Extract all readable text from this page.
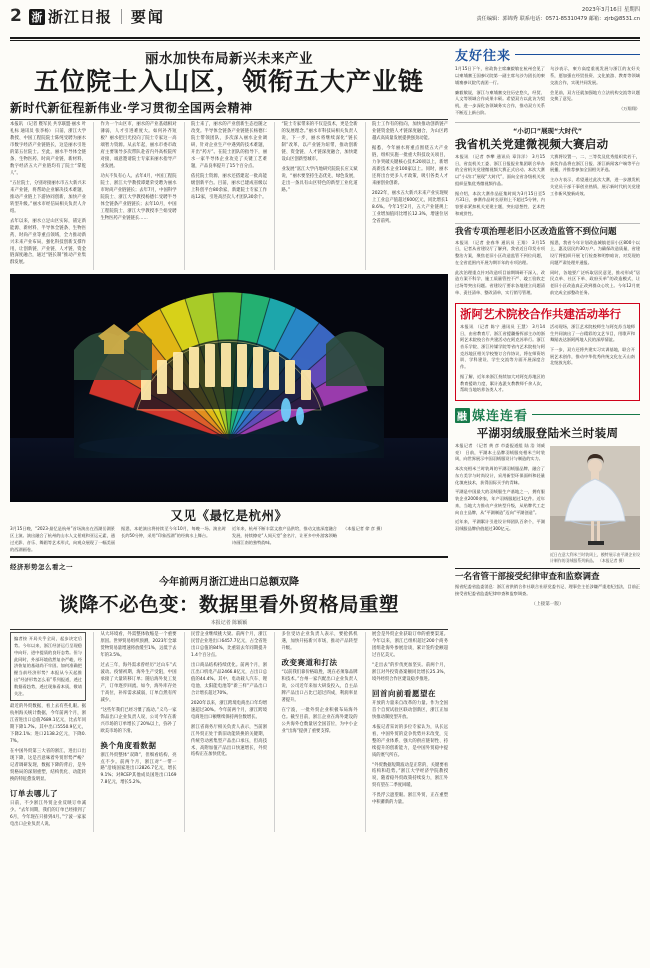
2 浙 浙江日报 要闻	2023年3月16日 星期四
责任编辑：郭锦秀 联系电话：0571-85310479 邮箱：zjrb@8531.cn
丽水加快布局新兴未来产业
五位院士入山区，领衔五大产业链
新时代新征程新伟业·学习贯彻全国两会精神

本报讯 （记者 暨军民 共享联盟·丽水 叶礼标 通讯员 张李杨） 日前，浙江大学教授、中国工程院院士陈纯受聘为丽水市数字经济产业链链长，这是丽水引进的第五位院士。至此，丽水半导体全链条、生物医药、时尚产业链、新材料、数字经济五大产业链均有了院士“掌舵人”。

“五位院士，分别对接丽水市五大新兴未来产业链，将帮助企业解决技术难题，推动产业链上下游协同创新，加快产业转型升级。”丽水市经信局相关负责人介绍。

去年以来，丽水立足山区实际，锚定新能源、新材料、半导体全链条、生物医药、时尚产业等重点领域，全力推动新兴未来产业布局，强化科技创新支撑作用，让创新链、产业链、人才链、资金链深度融合，通过“链长制”推动产业集群发展。

作为一个山区市，丽水的产业基础相对薄弱，人才引进难度大。如何补齐短板？丽水把目光投向了院士专家这一高端智力资源。从去年起，丽水市委市政府主要领导多次带队赴省内外高校院所对接，诚意邀请院士专家来丽水指导产业发展。

功夫不负有心人。去年4月，中国工程院院士、浙江大学教授谭建荣受聘为丽水市时尚产业链链长；去年7月，中国科学院院士、浙江大学教授杨德仁受聘半导体全链条产业链链长；去年10月，中国工程院院士、浙江大学教授李兰娟受聘生物医药产业链链长……

院士来了，丽水的产业创新生态也随之改变。半导体全链条产业链链长杨德仁院士带领团队，多次深入丽水企业调研，针对企业生产中遇到的技术难题，开出“药方”。在院士团队的指导下，丽水一家半导体企业攻克了关键工艺难题，产品良率提升了15个百分点。

依托院士资源，丽水还搭建起一批高能级创新平台。目前，丽水已建成省级以上科创平台80余家，新建院士专家工作站12家，引进高层次人才团队30余个。

“院士专家带来的不仅是技术，更是全新的发展理念。”丽水市科技局相关负责人说，下一步，丽水将继续深化“链长制”改革，以产业链为纽带，推动创新链、资金链、人才链深度融合，加快建设山区创新型城市。

业发展“富江大学内地研究院院长应义斌说，“丽水要坚持生态优先、绿色发展，走出一条具有山区特色的新型工业化道路。”

院士工作有的指向，加快推动创新链产业链资金链人才链深度融合，为山区跨越式高质量发展提供强劲动能。

据悉，今年丽水将重点围绕五大产业链，组织实施一批重大科技攻关项目，力争突破关键核心技术20项以上，新增高新技术企业100家以上。同时，丽水还将出台更多人才政策，吸引各类人才来丽创业创新。

2022年，丽水五大新兴未来产业实现规上工业总产值超过600亿元，同比增长18.6%。今年1至2月，五大产业链规上工业增加值同比增长12.3%，增速位居全省前列。

又见《最忆是杭州》
3月15日晚，“2023·最忆是杭州”首场演出在西湖岳湖景区上演。演出融合了杭州的山水人文景观和亚运元素，通过光影、音乐、舞蹈等艺术形式，向观众展现了一幅美丽的西湖画卷。
据悉，本轮演出将持续至今年10月，每晚一场。演出时长约50分钟，采用“印象西湖”的经典水上舞台。
近年来，杭州不断丰富文旅产品供给，推动文旅深度融合发展，持续擦亮“人间天堂”金名片，让更多中外游客领略诗画江南的独特韵味。
（本报记者 徐 彦 摄）
经济形势怎么看之一
今年前两月浙江进出口总额双降
谈降不必色变：数据里看外贸格局重塑
本报记者 陈颖颖
编者按 开局关乎全局，起步决定后势。今年以来，浙江经济运行呈现稳中向好、进中提质的良好态势。但与此同时，外部环境依然复杂严峻，经济恢复的基础尚不牢固。如何准确把握当前经济形势？本报从今天起推出“经济形势怎么看”系列报道，透过数据看趋势，透过现象看本质，敬请关注。

最近的外贸数据，看上去有些扎眼。据杭州海关统计数据，今年前两个月，浙江省进出口总值7689.1亿元，比去年同期下降1.7%。其中出口5550.9亿元，下降2.1%；进口2138.2亿元，下降0.7%。

在中国外贸第三大省的浙江，进出口出现下降，这是否意味着外贸形势严峻？记者调研发现，数据下降的背后，是外贸格局的深刻重塑，结构优化、动能转换的特征愈发明显。

订单去哪儿了

日前，不少浙江外贸企业反映订单减少。“去年同期，我们的订单已经排到了6月，今年现在只排到4月。”宁波一家家电出口企业负责人说。

从大环境看，外需整体收缩是一个重要原因。世界贸易组织预测，2023年全球货物贸易量增速将放缓至1%，远低于去年的3.5%。

过去三年，海外需求曾经历“过山车”式波动。疫情初期，海外生产受阻，中国承接了大量转移订单；随后海外复工复产，订单逐步回流。如今，海外库存处于高位，补库需求减弱，订单自然有所减少。

“这些年我们已经习惯了波动。”义乌一家饰品出口企业负责人说，公司今年在新兴市场的订单增长了20%以上，弥补了欧美市场的下滑。

换个角度看数据

浙江外贸整体“双降”，但细看结构，亮点不少。前两个月，浙江对“一带一路”沿线国家进出口2826.7亿元，增长9.1%；对RCEP其他成员国进出口1697.8亿元，增长5.2%。

民营企业继续挑大梁。前两个月，浙江民营企业进出口6457.7亿元，占全省进出口总值的84%，比重较去年同期提升1.4个百分点。

出口商品结构持续优化。前两个月，浙江出口机电产品2466.8亿元，占出口总值的44.4%。其中，电动载人汽车、锂电池、太阳能电池等“新三样”产品出口合计增长超过70%。

2020年以来，浙江跨境电商出口年均增速超过30%。今年前两个月，浙江跨境电商进出口额继续保持两位数增长。

浙江省商务厅相关负责人表示，当前浙江外贸正处于新旧动能转换的关键期，传统劳动密集型产品出口承压，但高技术、高附加值产品出口快速增长，外贸结构正在加快优化。

多位受访企业负责人表示，要抢抓机遇，加快开拓新兴市场，推动产品转型升级。

改变赛道和打法

“以前我们靠价格取胜，现在必须靠品牌和技术。”台州一家汽配出口企业负责人说，公司近年来加大研发投入，自主品牌产品出口占比已超过四成，利润率显著提升。

在宁波，一批外贸企业积极布局海外仓。截至目前，浙江企业在海外建设的公共海外仓数量居全国首位，为中小企业“出海”提供了重要支撑。

展会是外贸企业获取订单的重要渠道。今年以来，浙江已组织超过200个商务团组赴海外参展洽谈，累计签约金额超过百亿美元。

“走出去”的步伐更加坚实。前两个月，浙江对外投资备案额同比增长25.3%，境外经贸合作区建设稳步推进。

回首向前看愿望在

开放的力量来自改革的力量。作为全国首个自贸试验区联动创新区，浙江正加快推动制度型开放。

本报记者采访的多位专家认为，从长远看，中国外贸的竞争优势并未改变，完整的产业体系、强大的供应链韧性、持续提升的创新能力，是中国外贸稳中提质的底气所在。

“外贸数据短期波动是正常的，关键要看结构和趋势。”浙江大学经济学院教授说，随着稳外贸政策持续发力，浙江外贸有望在二季度回暖。

不畏浮云遮望眼。浙江外贸，正在重塑中积蓄新的力量。

友好往来

1月15日下午，省政协主席廉毅敏在杭州会见了以柬埔寨王国参议院第一副主席乌沙为团长的柬埔寨参议院代表团一行。

廉毅敏说，浙江与柬埔寨交往历史悠久，经贸、人文等领域合作成果丰硕。希望双方以此访为契机，进一步深化各领域务实合作，推动双方关系不断迈上新台阶。

乌沙表示，柬方高度重视发展与浙江的友好关系，愿加强在经贸投资、文化旅游、教育等领域交流合作，实现共同发展。

会见前，双方还就加强地方立法机构交流等议题交换了意见。

（万翔翔）

“小切口”展现“大时代”
我省机关党建微视频大赛启动

本报讯 （记者 李攀 通讯员 章洋洋） 3月15日，省直机关工委、浙江日报报业集团联合举办的全省机关党建微视频大赛正式启动。本次大赛以“小切口”展现“大时代”，面向全省各级机关党组织征集优秀微视频作品。

据介绍，本次大赛作品征集时间为3月15日至5月31日，参赛作品时长原则上不超过5分钟，内容要求紧扣机关党建主题，突出思想性、艺术性和观赏性。

大赛将设置一、二、三等奖及优秀组织奖若干，获奖作品将在浙江日报、浙江新闻客户端等平台展播，并推荐参加全国相关评选。

主办方表示，希望通过此次大赛，进一步激发机关党员干部干事创业热情，展示新时代机关党建工作新风貌新成效。

我省专项治理老旧小区改造监管不到位问题

本报讯 （记者 金春华 通讯员 王翔） 3月15日，记者从省建设厅了解到，我省近日印发专项整治方案，聚焦老旧小区改造监管不到位问题，在全省范围内开展为期半年的专项治理。

此次治理重点针对改造项目前期调研不深入、改造方案不科学、施工质量管控不严、竣工验收走过场等突出问题。省建设厅要求各地建立问题清单、责任清单、整改清单，实行销号管理。

据悉，我省今年计划改造城镇老旧小区800个以上，惠及居民约30万户。为确保改造质量，省建设厅将组织开展飞行检查和明察暗访，对发现的问题严肃处理并通报。

同时，各地要广泛听取居民意见，推动形成“居民点单、社区下单、政府买单”的改造模式，让老旧小区改造真正改到群众心坎上。今年12月底前完成全部整改任务。

浙阿艺术院校合作共建活动举行

本报讯 （记者 陈宁 通讯员 王慧） 3月14日，由省教育厅、浙江省援疆指挥部主办的浙阿艺术院校合作共建活动在阿克苏举行。浙江音乐学院、浙江传媒学院等省内艺术院校与阿克苏地区相关学校签订合作协议，将在师资培训、学科建设、学生交流等方面开展深度合作。

据了解，近年来浙江持续加大对阿克苏地区的教育援助力度，累计选派支教教师千余人次，帮助当地培养各类人才。

活动现场，浙江艺术院校师生与阿克苏当地师生共同演出了一台精彩的文艺节目，用歌声和舞蹈表达浙阿两地人民的深厚情谊。

下一步，双方还将共建实习实训基地，联合开展艺术创作，推动中华优秀传统文化在天山南北绽放光彩。

融 媒连连看
平湖羽绒服登陆米兰时装周

本报记者 （记者 黄 彦 市委报道组 陆 浩 刘威亮） 日前，平湖本土品牌羽绒服亮相米兰时装周，向世界展示中国羽绒服设计与制造的实力。

本次亮相米兰时装周的平湖羽绒服品牌，融合了东方美学与时尚设计，采用新型环保面料和轻量化填充技术，获得国际买手的青睐。

平湖是中国最大的羽绒服生产基地之一，拥有服装企业2000余家，年产羽绒服超过1亿件。近年来，当地大力推动产业转型升级，从贴牌代工走向自主品牌，从“平湖制造”迈向“平湖创造”。

近年来，平湖累计引进设计师团队百余个，平湖羽绒服品牌价值超过300亿元。

近日在意大利米兰时装周上，模特展示由平湖企业设计制作的羽绒服系列新品。 （本报记者 摄）
一名省管干部接受纪律审查和监察调查

据省纪委省监委消息：浙江省供销合作社联合社原党委书记、理事会主任涉嫌严重违纪违法，目前正接受省纪委省监委纪律审查和监察调查。

（上接第一版）
